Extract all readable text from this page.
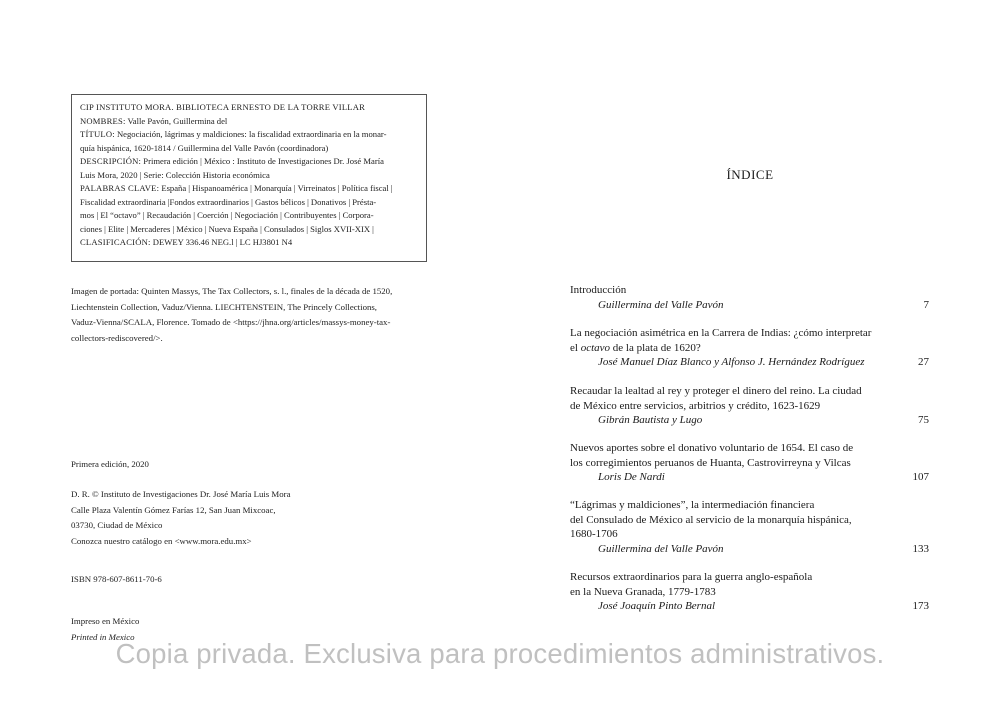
CIP INSTITUTO MORA. BIBLIOTECA ERNESTO DE LA TORRE VILLAR

NOMBRES: Valle Pavón, Guillermina del

TÍTULO: Negociación, lágrimas y maldiciones: la fiscalidad extraordinaria en la monar-

quía hispánica, 1620-1814 / Guillermina del Valle Pavón (coordinadora)

DESCRIPCIÓN: Primera edición | México : Instituto de Investigaciones Dr. José María

Luis Mora, 2020 | Serie: Colección Historia económica

PALABRAS CLAVE: España | Hispanoamérica | Monarquía | Virreinatos | Política fiscal |

Fiscalidad extraordinaria |Fondos extraordinarios | Gastos bélicos | Donativos | Présta-

mos | El “octavo” | Recaudación | Coerción | Negociación | Contribuyentes | Corpora-

ciones | Elite | Mercaderes | México | Nueva España | Consulados | Siglos XVII-XIX |

CLASIFICACIÓN: DEWEY 336.46 NEG.l | LC HJ3801 N4

Imagen de portada: Quinten Massys, The Tax Collectors, s. l., finales de la década de 1520,

Liechtenstein Collection, Vaduz/Vienna. LIECHTENSTEIN, The Princely Collections,

Vaduz-Vienna/SCALA, Florence. Tomado de <https://jhna.org/articles/massys-money-tax-

collectors-rediscovered/>.

Primera edición, 2020

D. R. © Instituto de Investigaciones Dr. José María Luis Mora

Calle Plaza Valentín Gómez Farías 12, San Juan Mixcoac,

03730, Ciudad de México

Conozca nuestro catálogo en <www.mora.edu.mx>

ISBN 978-607-8611-70-6

Impreso en México

Printed in Mexico

ÍNDICE

Introducción

Guillermina del Valle Pavón	7

La negociación asimétrica en la Carrera de Indias: ¿cómo interpretar

el octavo de la plata de 1620?

José Manuel Díaz Blanco y Alfonso J. Hernández Rodríguez	27

Recaudar la lealtad al rey y proteger el dinero del reino. La ciudad

de México entre servicios, arbitrios y crédito, 1623-1629

Gibrán Bautista y Lugo	75

Nuevos aportes sobre el donativo voluntario de 1654. El caso de

los corregimientos peruanos de Huanta, Castrovirreyna y Vilcas

Loris De Nardi	107

“Lágrimas y maldiciones”, la intermediación financiera

del Consulado de México al servicio de la monarquía hispánica,

1680-1706

Guillermina del Valle Pavón	133

Recursos extraordinarios para la guerra anglo-española

en la Nueva Granada, 1779-1783

José Joaquín Pinto Bernal	173
Copia privada. Exclusiva para procedimientos administrativos.
